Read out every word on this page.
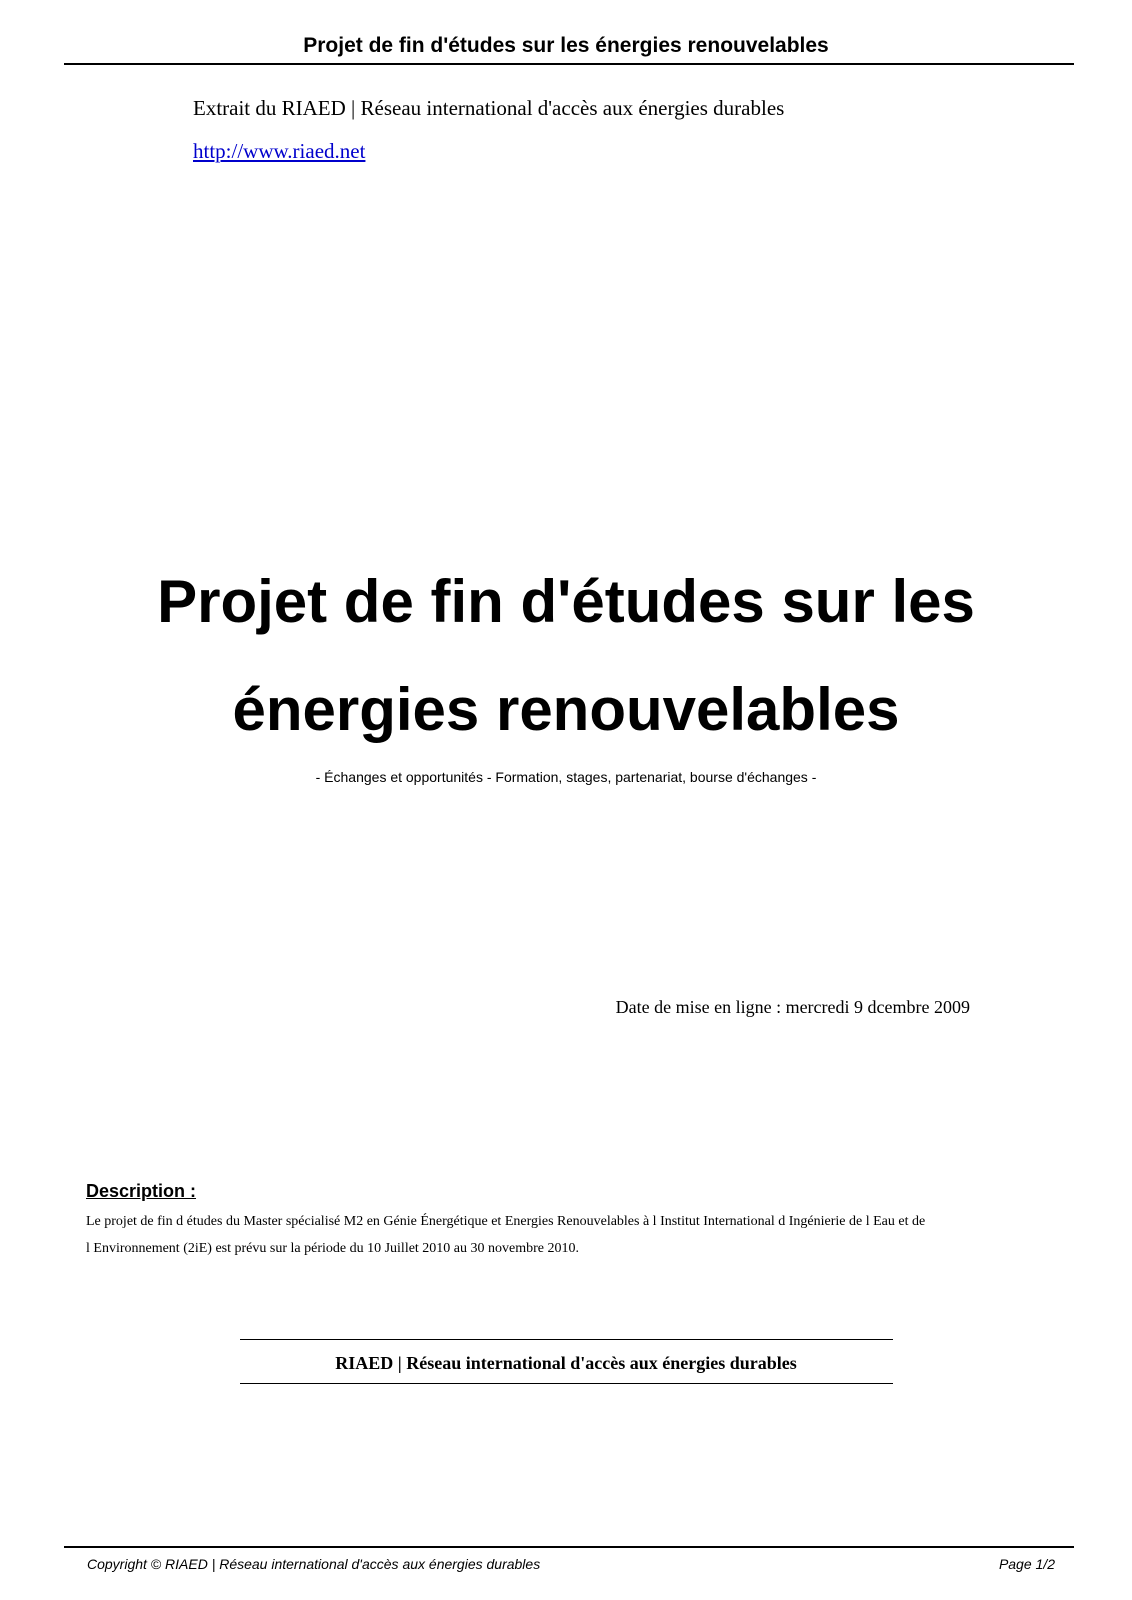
Projet de fin d'études sur les énergies renouvelables
Extrait du RIAED | Réseau international d'accès aux énergies durables
http://www.riaed.net
Projet de fin d'études sur les
énergies renouvelables
- Échanges et opportunités - Formation, stages, partenariat, bourse d'échanges -
Date de mise en ligne : mercredi 9 dcembre 2009
Description :
Le projet de fin d études du Master spécialisé M2 en Génie Énergétique et Energies Renouvelables à l Institut International d Ingénierie de l Eau et de
l Environnement (2iE) est prévu sur la période du 10 Juillet 2010 au 30 novembre 2010.
RIAED | Réseau international d'accès aux énergies durables
Copyright © RIAED | Réseau international d'accès aux énergies durables	Page 1/2
